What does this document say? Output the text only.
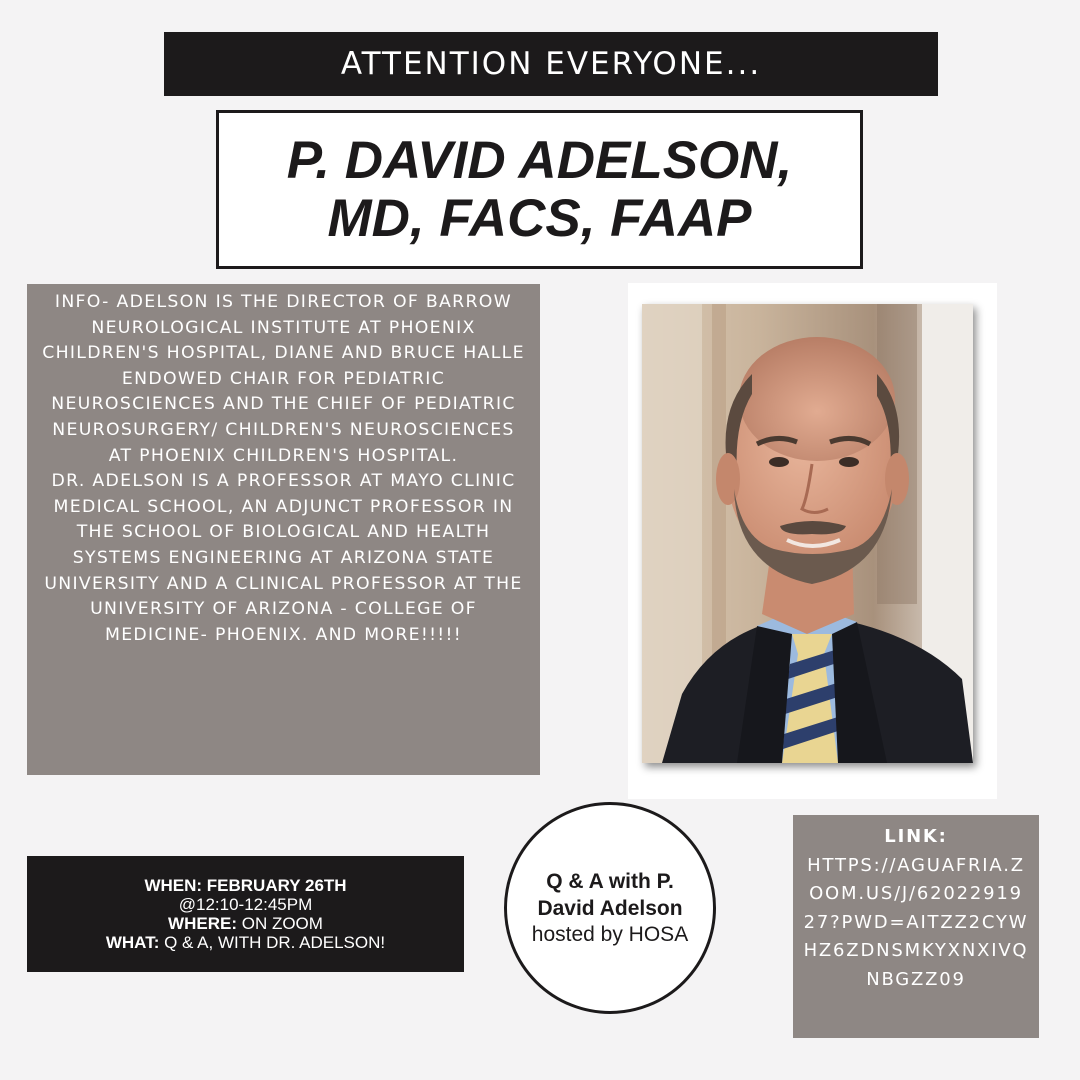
ATTENTION EVERYONE...
P. DAVID ADELSON,
MD, FACS, FAAP

INFO- ADELSON IS THE DIRECTOR OF BARROW NEUROLOGICAL INSTITUTE AT PHOENIX CHILDREN'S HOSPITAL, DIANE AND BRUCE HALLE ENDOWED CHAIR FOR PEDIATRIC NEUROSCIENCES AND THE CHIEF OF PEDIATRIC NEUROSURGERY/ CHILDREN'S NEUROSCIENCES AT PHOENIX CHILDREN'S HOSPITAL.

DR. ADELSON IS A PROFESSOR AT MAYO CLINIC MEDICAL SCHOOL, AN ADJUNCT PROFESSOR IN THE SCHOOL OF BIOLOGICAL AND HEALTH SYSTEMS ENGINEERING AT ARIZONA STATE UNIVERSITY AND A CLINICAL PROFESSOR AT THE UNIVERSITY OF ARIZONA - COLLEGE OF MEDICINE- PHOENIX. AND MORE!!!!!

WHEN: FEBRUARY 26TH
@12:10-12:45PM
WHERE: ON ZOOM
WHAT: Q & A, WITH DR. ADELSON!
Q & A with P. David Adelson
hosted by HOSA
LINK:
HTTPS://AGUAFRIA.ZOOM.US/J/6202291927?PWD=AITZZ2CYWHZ6ZDNSMKYXNXIVQNBGZZ09
